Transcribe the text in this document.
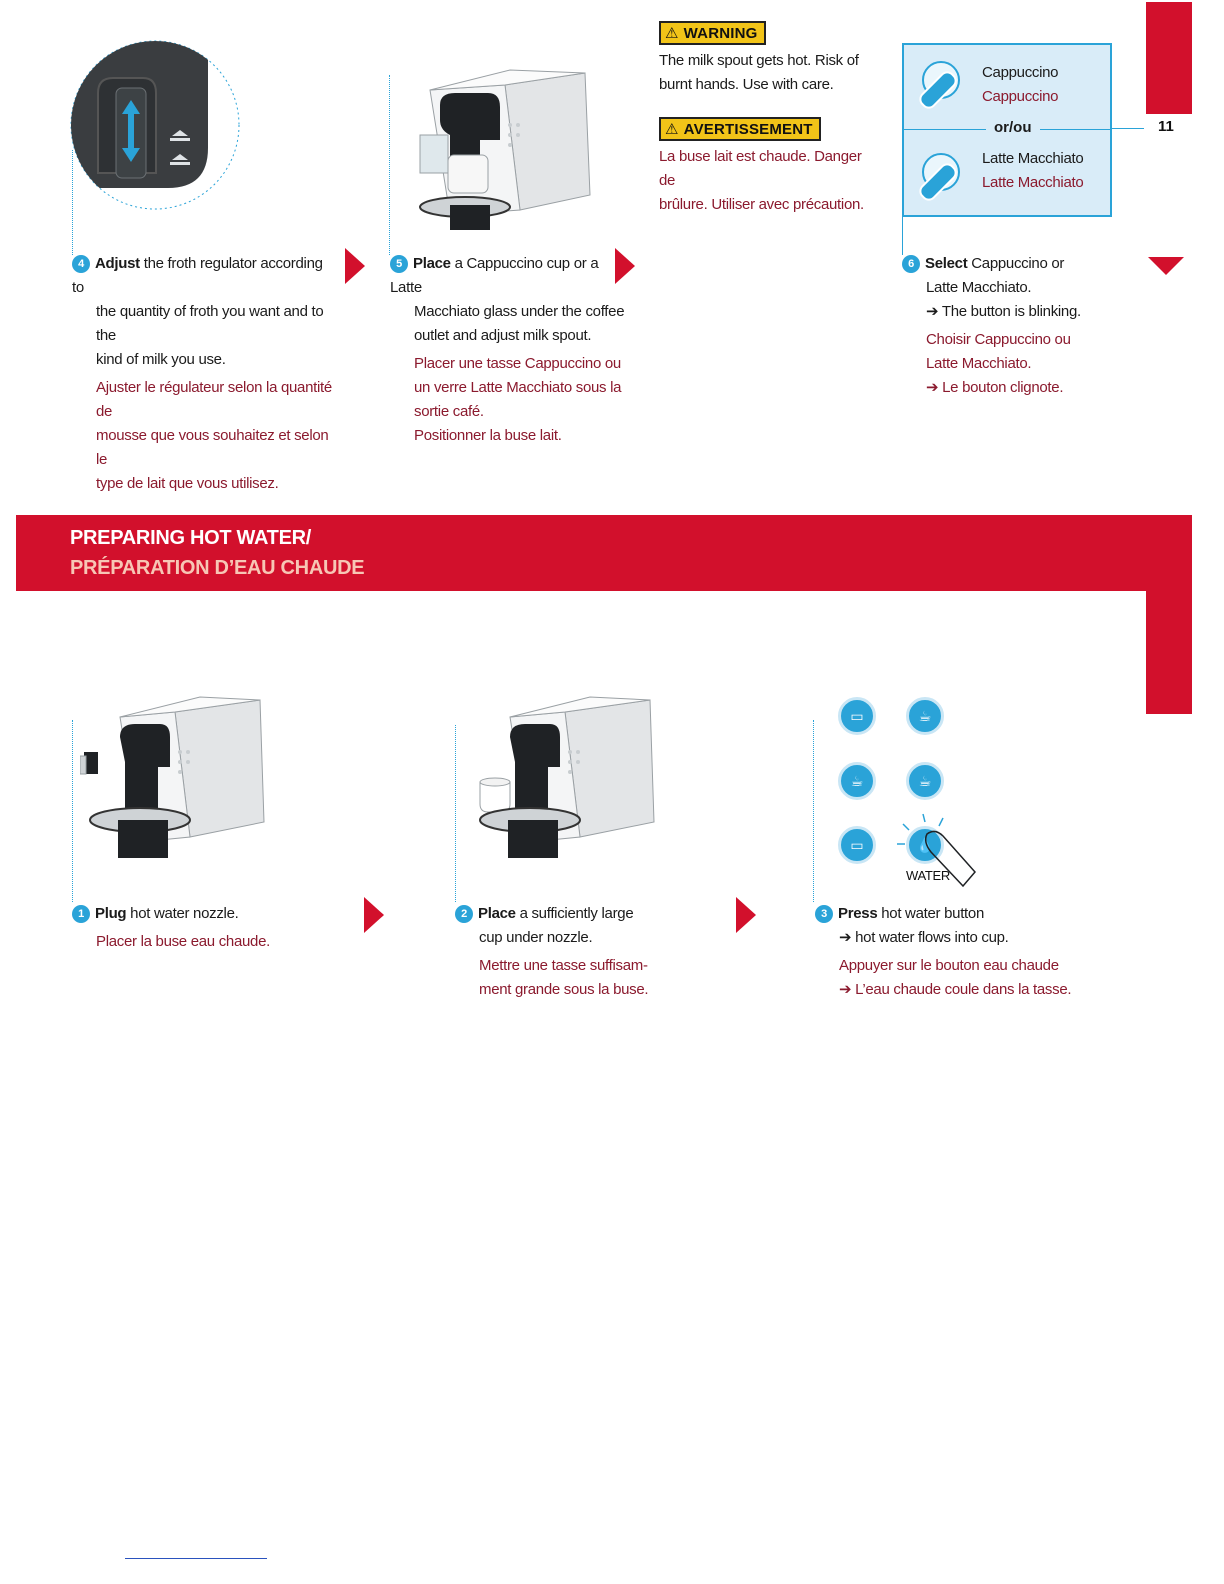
11
4 Adjust the froth regulator according to
the quantity of froth you want and to the
kind of milk you use.
Ajuster le régulateur selon la quantité de
mousse que vous souhaitez et selon le
type de lait que vous utilisez.
5 Place a Cappuccino cup or a Latte
Macchiato glass under the coffee
outlet and adjust milk spout.
Placer une tasse Cappuccino ou
un verre Latte Macchiato sous la
sortie café.
Positionner la buse lait.
⚠ WARNING
The milk spout gets hot. Risk of
burnt hands. Use with care.
⚠ AVERTISSEMENT
La buse lait est chaude. Danger de
brûlure. Utiliser avec précaution.
Cappuccino
Cappuccino
or/ou
Latte Macchiato
Latte Macchiato
6 Select Cappuccino or
Latte Macchiato.
➔ The button is blinking.
Choisir Cappuccino ou
Latte Macchiato.
➔ Le bouton clignote.
PREPARING HOT WATER/
PRÉPARATION D’EAU CHAUDE
1 Plug hot water nozzle.
Placer la buse eau chaude.
2 Place a sufficiently large
cup under nozzle.
Mettre une tasse suffisam-
ment grande sous la buse.
▭	☕
☕	☕
▭	💧
WATER
3 Press hot water button
➔ hot water flows into cup.
Appuyer sur le bouton eau chaude
➔ L’eau chaude coule dans la tasse.
